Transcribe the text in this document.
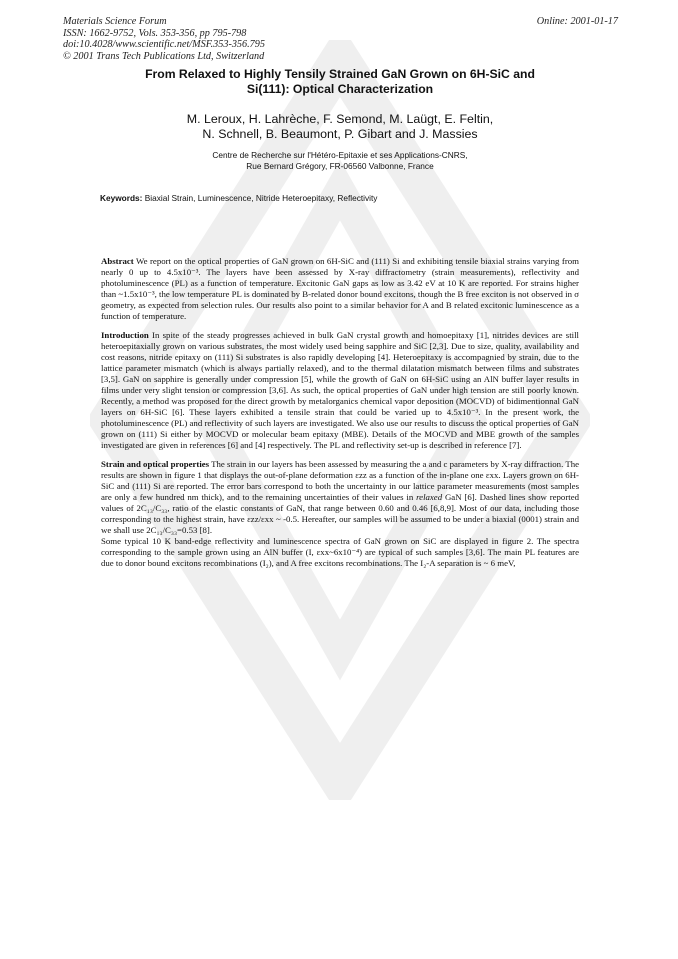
Materials Science Forum
ISSN: 1662-9752, Vols. 353-356, pp 795-798
doi:10.4028/www.scientific.net/MSF.353-356.795
© 2001 Trans Tech Publications Ltd, Switzerland
Online: 2001-01-17
From Relaxed to Highly Tensily Strained GaN Grown on 6H-SiC and
Si(111): Optical Characterization
M. Leroux, H. Lahrèche, F. Semond, M. Laügt, E. Feltin,
N. Schnell, B. Beaumont, P. Gibart and J. Massies
Centre de Recherche sur l'Hétéro-Epitaxie et ses Applications-CNRS,
Rue Bernard Grégory, FR-06560 Valbonne, France
Keywords: Biaxial Strain, Luminescence, Nitride Heteroepitaxy, Reflectivity

Abstract We report on the optical properties of GaN grown on 6H-SiC and (111) Si and exhibiting tensile biaxial strains varying from nearly 0 up to 4.5x10⁻³. The layers have been assessed by X-ray diffractometry (strain measurements), reflectivity and photoluminescence (PL) as a function of temperature. Excitonic GaN gaps as low as 3.42 eV at 10 K are reported. For strains higher than ~1.5x10⁻³, the low temperature PL is dominated by B-related donor bound excitons, though the B free exciton is not observed in σ geometry, as expected from selection rules. Our results also point to a similar behavior for A and B related excitonic luminescence as a function of temperature.

Introduction In spite of the steady progresses achieved in bulk GaN crystal growth and homoepitaxy [1], nitrides devices are still heteroepitaxially grown on various substrates, the most widely used being sapphire and SiC [2,3]. Due to size, quality, availability and cost reasons, nitride epitaxy on (111) Si substrates is also rapidly developing [4]. Heteroepitaxy is accompagnied by strain, due to the lattice parameter mismatch (which is always partially relaxed), and to the thermal dilatation mismatch between films and substrates [3,5]. GaN on sapphire is generally under compression [5], while the growth of GaN on 6H-SiC using an AlN buffer layer results in films under very slight tension or compression [3,6]. As such, the optical properties of GaN under high tension are still poorly known. Recently, a method was proposed for the direct growth by metalorganics chemical vapor deposition (MOCVD) of bidimentionnal GaN layers on 6H-SiC [6]. These layers exhibited a tensile strain that could be varied up to 4.5x10⁻³. In the present work, the photoluminescence (PL) and reflectivity of such layers are investigated. We also use our results to discuss the optical properties of GaN grown on (111) Si either by MOCVD or molecular beam epitaxy (MBE). Details of the MOCVD and MBE growth of the samples investigated are given in references [6] and [4] respectively. The PL and reflectivity set-up is described in reference [7].

Strain and optical properties The strain in our layers has been assessed by measuring the a and c parameters by X-ray diffraction. The results are shown in figure 1 that displays the out-of-plane deformation εzz as a function of the in-plane one εxx. Layers grown on 6H-SiC and (111) Si are reported. The error bars correspond to both the uncertainty in our lattice parameter measurements (most samples are only a few hundred nm thick), and to the remaining uncertainties of their values in relaxed GaN [6]. Dashed lines show reported values of 2C₁₃/C₃₃, ratio of the elastic constants of GaN, that range between 0.60 and 0.46 [6,8,9]. Most of our data, including those corresponding to the highest strain, have εzz/εxx ~ -0.5. Hereafter, our samples will be assumed to be under a biaxial (0001) strain and we shall use 2C₁₃/C₃₃=0.53 [8].

Some typical 10 K band-edge reflectivity and luminescence spectra of GaN grown on SiC are displayed in figure 2. The spectra corresponding to the sample grown using an AlN buffer (I, εxx~6x10⁻⁴) are typical of such samples [3,6]. The main PL features are due to donor bound excitons recombinations (I₂), and A free excitons recombinations. The I₂-A separation is ~ 6 meV,
